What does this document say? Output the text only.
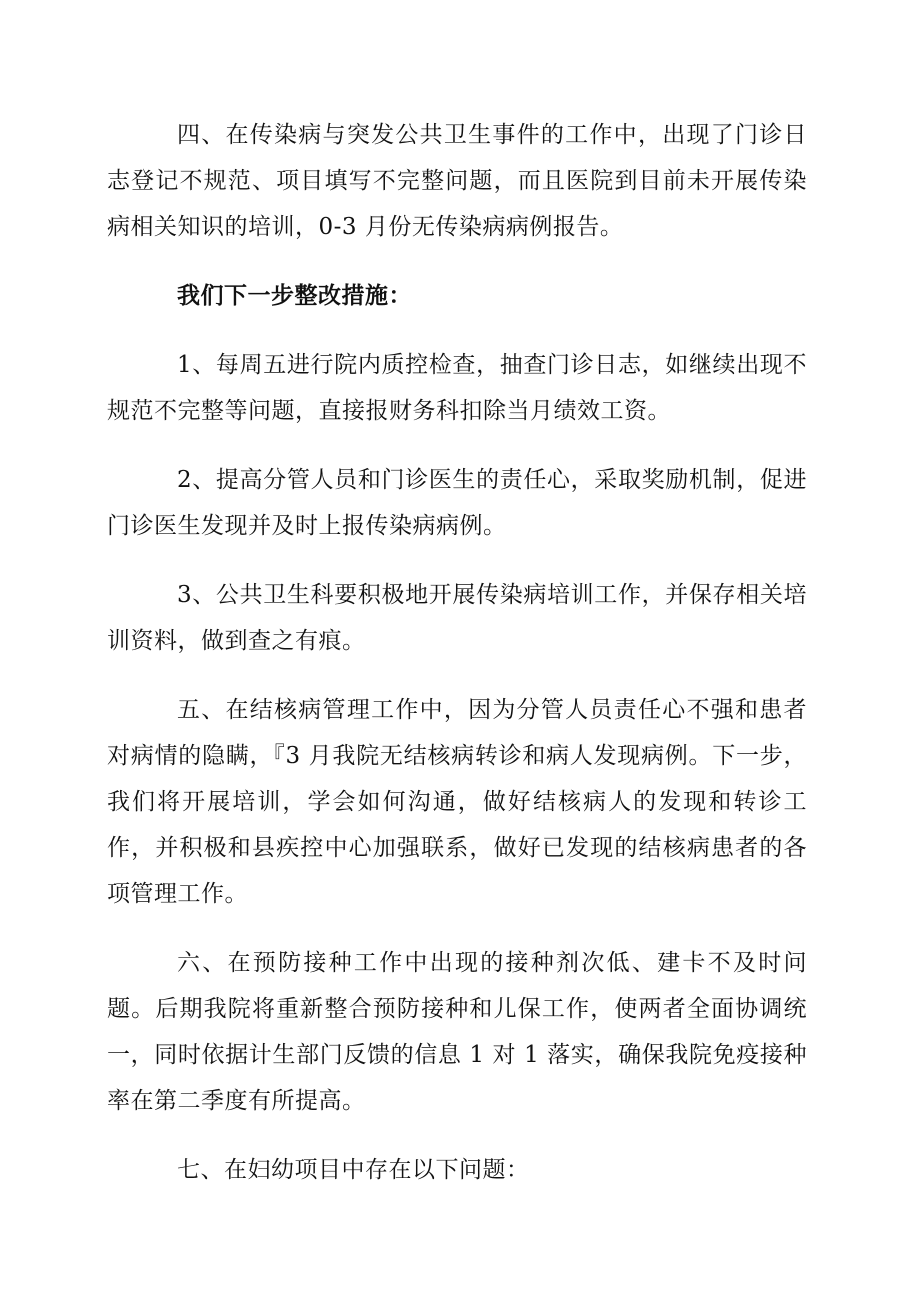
四、在传染病与突发公共卫生事件的工作中，出现了门诊日志登记不规范、项目填写不完整问题，而且医院到目前未开展传染病相关知识的培训，0-3 月份无传染病病例报告。

我们下一步整改措施：

1、每周五进行院内质控检查，抽查门诊日志，如继续出现不规范不完整等问题，直接报财务科扣除当月绩效工资。

2、提高分管人员和门诊医生的责任心，采取奖励机制，促进门诊医生发现并及时上报传染病病例。

3、公共卫生科要积极地开展传染病培训工作，并保存相关培训资料，做到查之有痕。

五、在结核病管理工作中，因为分管人员责任心不强和患者对病情的隐瞒，『3 月我院无结核病转诊和病人发现病例。下一步，我们将开展培训，学会如何沟通，做好结核病人的发现和转诊工作，并积极和县疾控中心加强联系，做好已发现的结核病患者的各项管理工作。

六、在预防接种工作中出现的接种剂次低、建卡不及时问题。后期我院将重新整合预防接种和儿保工作，使两者全面协调统一，同时依据计生部门反馈的信息 1 对 1 落实，确保我院免疫接种率在第二季度有所提高。

七、在妇幼项目中存在以下问题：
